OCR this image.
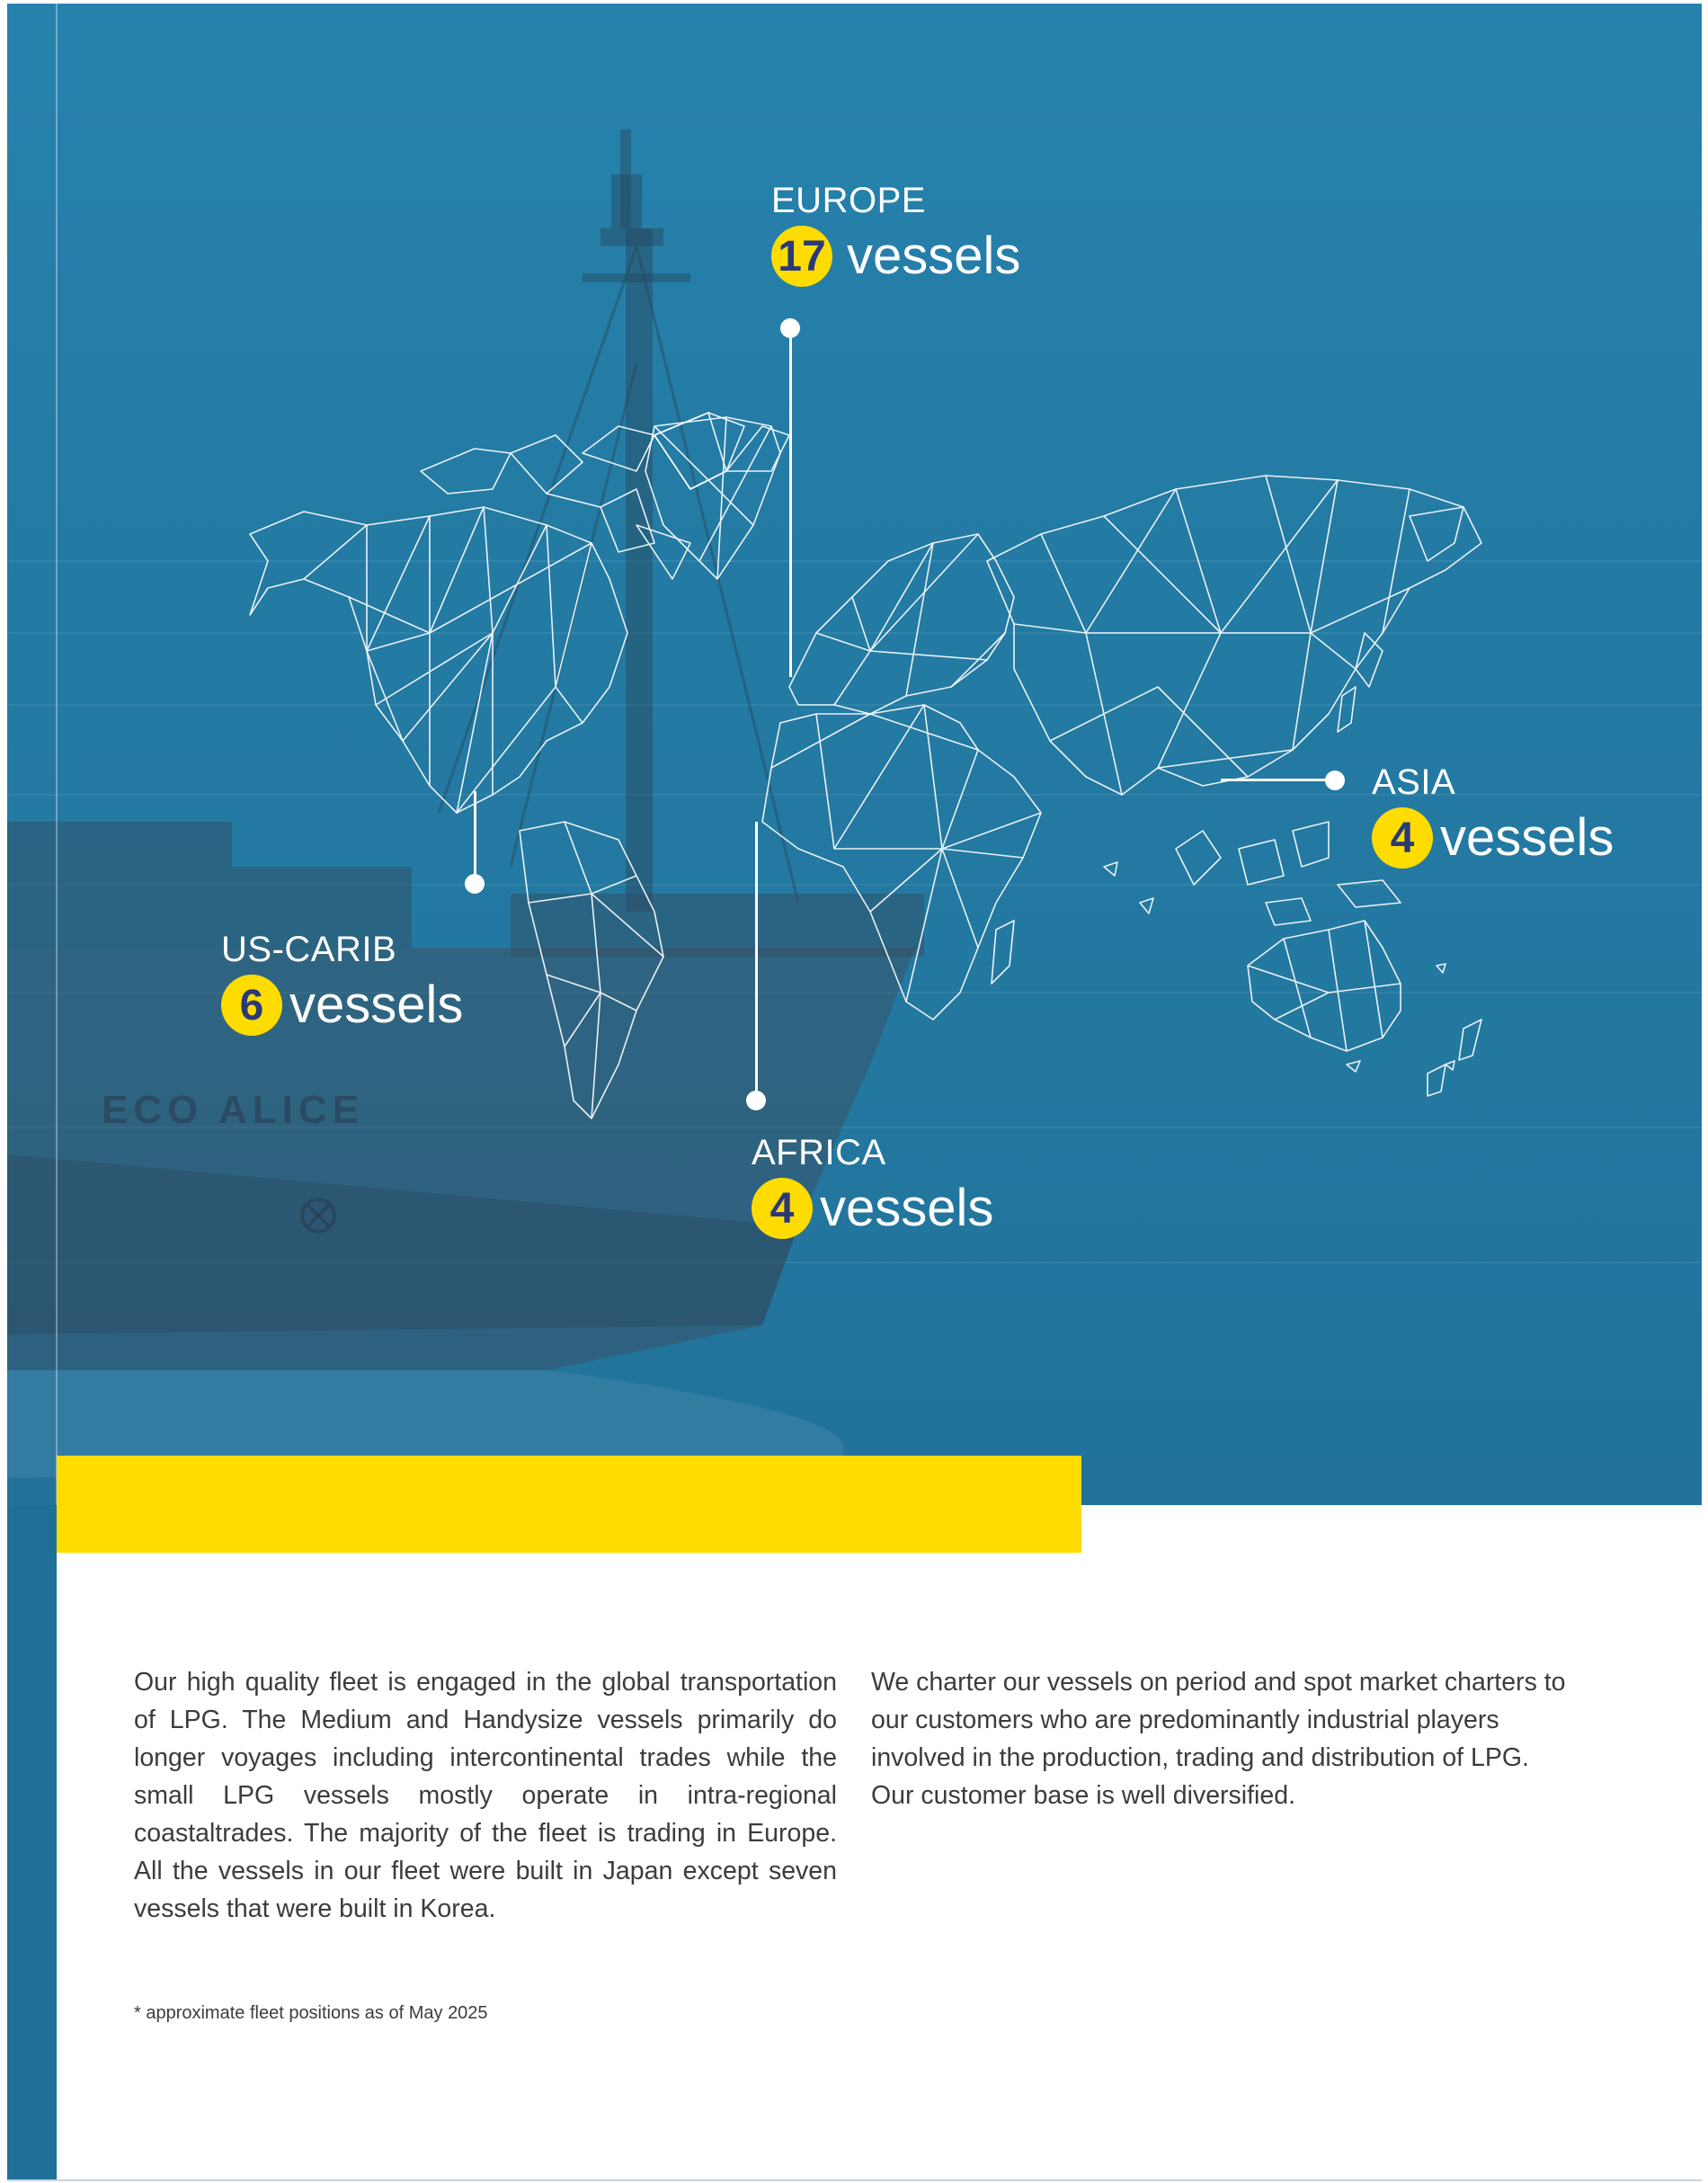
ECO ALICE
EUROPE
17 vessels
ASIA
4 vessels
US-CARIB
6 vessels
AFRICA
4 vessels

Our high quality fleet is engaged in the global transportation of LPG. The Medium and Handysize vessels primarily do longer voyages including intercontinental trades while the small LPG vessels mostly operate in intra-regional coastaltrades. The majority of the fleet is trading in Europe. All the vessels in our fleet were built in Japan except seven vessels that were built in Korea.

We charter our vessels on period and spot market charters to our customers who are predominantly industrial players involved in the production, trading and distribution of LPG. Our customer base is well diversified.

* approximate fleet positions as of May 2025
